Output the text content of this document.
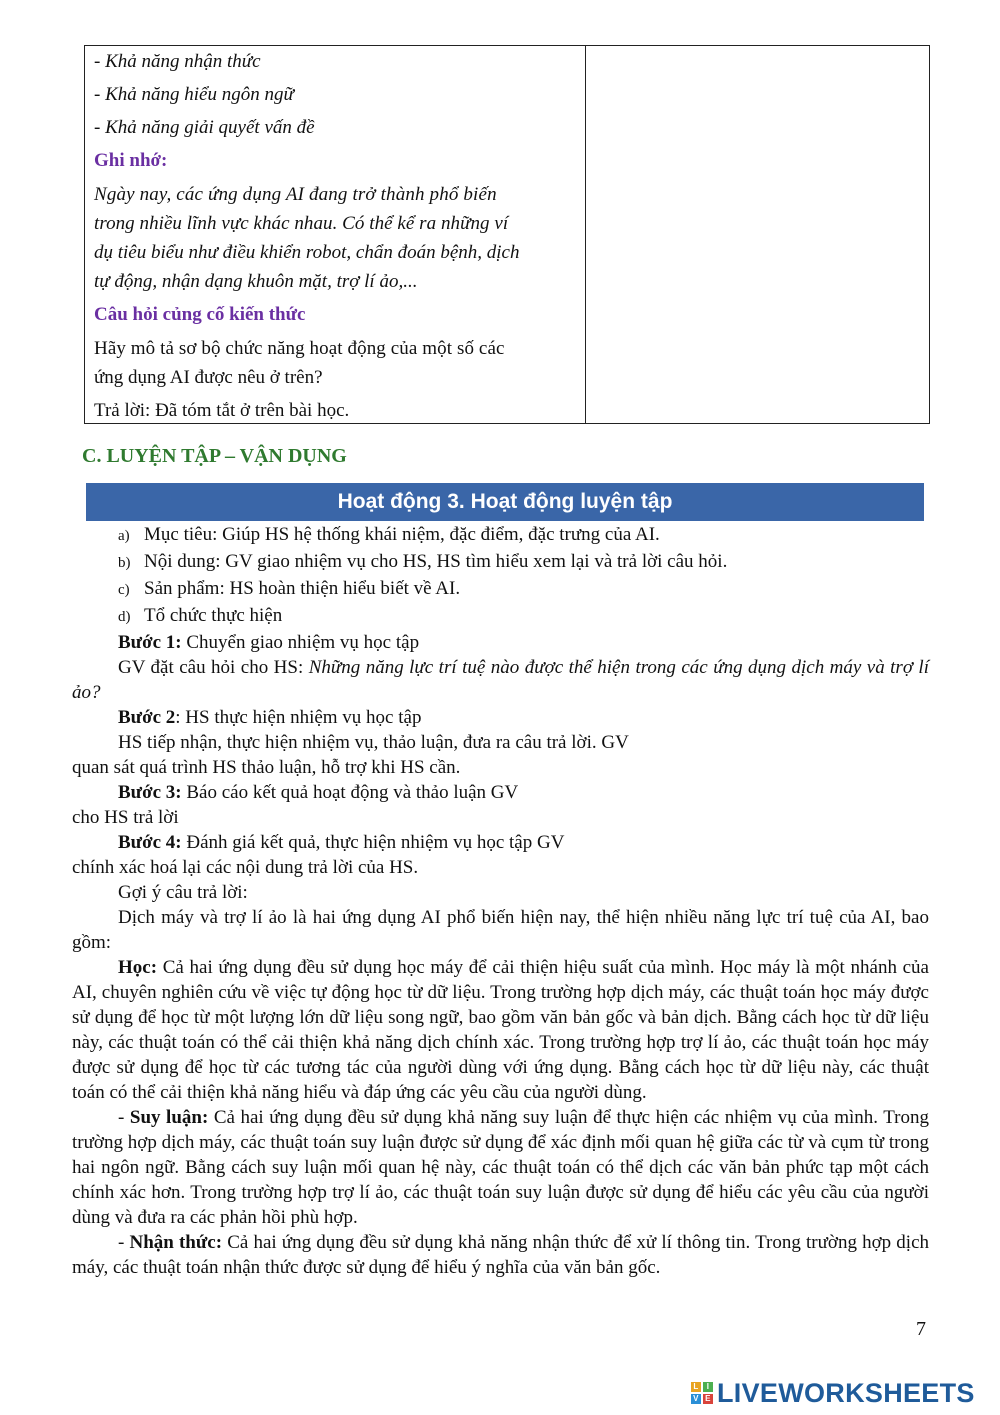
- Khả năng nhận thức

- Khả năng hiểu ngôn ngữ

- Khả năng giải quyết vấn đề

Ghi nhớ:

Ngày nay, các ứng dụng AI đang trở thành phổ biến

trong nhiều lĩnh vực khác nhau. Có thể kể ra những ví

dụ tiêu biểu như điều khiển robot, chẩn đoán bệnh, dịch

tự động, nhận dạng khuôn mặt, trợ lí ảo,...

Câu hỏi củng cố kiến thức

Hãy mô tả sơ bộ chức năng hoạt động của một số các

ứng dụng AI được nêu ở trên?

Trả lời: Đã tóm tắt ở trên bài học.

C. LUYỆN TẬP – VẬN DỤNG
Hoạt động 3. Hoạt động luyện tập

a) Mục tiêu: Giúp HS hệ thống khái niệm, đặc điểm, đặc trưng của AI.

b) Nội dung: GV giao nhiệm vụ cho HS, HS tìm hiểu xem lại và trả lời câu hỏi.

c) Sản phẩm: HS hoàn thiện hiểu biết về AI.

d) Tổ chức thực hiện

Bước 1: Chuyển giao nhiệm vụ học tập

GV đặt câu hỏi cho HS: Những năng lực trí tuệ nào được thể hiện trong các ứng dụng dịch máy và trợ lí ảo?

Bước 2: HS thực hiện nhiệm vụ học tập

HS tiếp nhận, thực hiện nhiệm vụ, thảo luận, đưa ra câu trả lời. GV

quan sát quá trình HS thảo luận, hỗ trợ khi HS cần.

Bước 3: Báo cáo kết quả hoạt động và thảo luận GV

cho HS trả lời

Bước 4: Đánh giá kết quả, thực hiện nhiệm vụ học tập GV

chính xác hoá lại các nội dung trả lời của HS.

Gợi ý câu trả lời:

Dịch máy và trợ lí ảo là hai ứng dụng AI phổ biến hiện nay, thể hiện nhiều năng lực trí tuệ của AI, bao gồm:

Học: Cả hai ứng dụng đều sử dụng học máy để cải thiện hiệu suất của mình. Học máy là một nhánh của AI, chuyên nghiên cứu về việc tự động học từ dữ liệu. Trong trường hợp dịch máy, các thuật toán học máy được sử dụng để học từ một lượng lớn dữ liệu song ngữ, bao gồm văn bản gốc và bản dịch. Bằng cách học từ dữ liệu này, các thuật toán có thể cải thiện khả năng dịch chính xác. Trong trường hợp trợ lí ảo, các thuật toán học máy được sử dụng để học từ các tương tác của người dùng với ứng dụng. Bằng cách học từ dữ liệu này, các thuật toán có thể cải thiện khả năng hiểu và đáp ứng các yêu cầu của người dùng.

- Suy luận: Cả hai ứng dụng đều sử dụng khả năng suy luận để thực hiện các nhiệm vụ của mình. Trong trường hợp dịch máy, các thuật toán suy luận được sử dụng để xác định mối quan hệ giữa các từ và cụm từ trong hai ngôn ngữ. Bằng cách suy luận mối quan hệ này, các thuật toán có thể dịch các văn bản phức tạp một cách chính xác hơn. Trong trường hợp trợ lí ảo, các thuật toán suy luận được sử dụng để hiểu các yêu cầu của người dùng và đưa ra các phản hồi phù hợp.

- Nhận thức: Cả hai ứng dụng đều sử dụng khả năng nhận thức để xử lí thông tin. Trong trường hợp dịch máy, các thuật toán nhận thức được sử dụng để hiểu ý nghĩa của văn bản gốc.

7
L	I
V E LIVEWORKSHEETS
